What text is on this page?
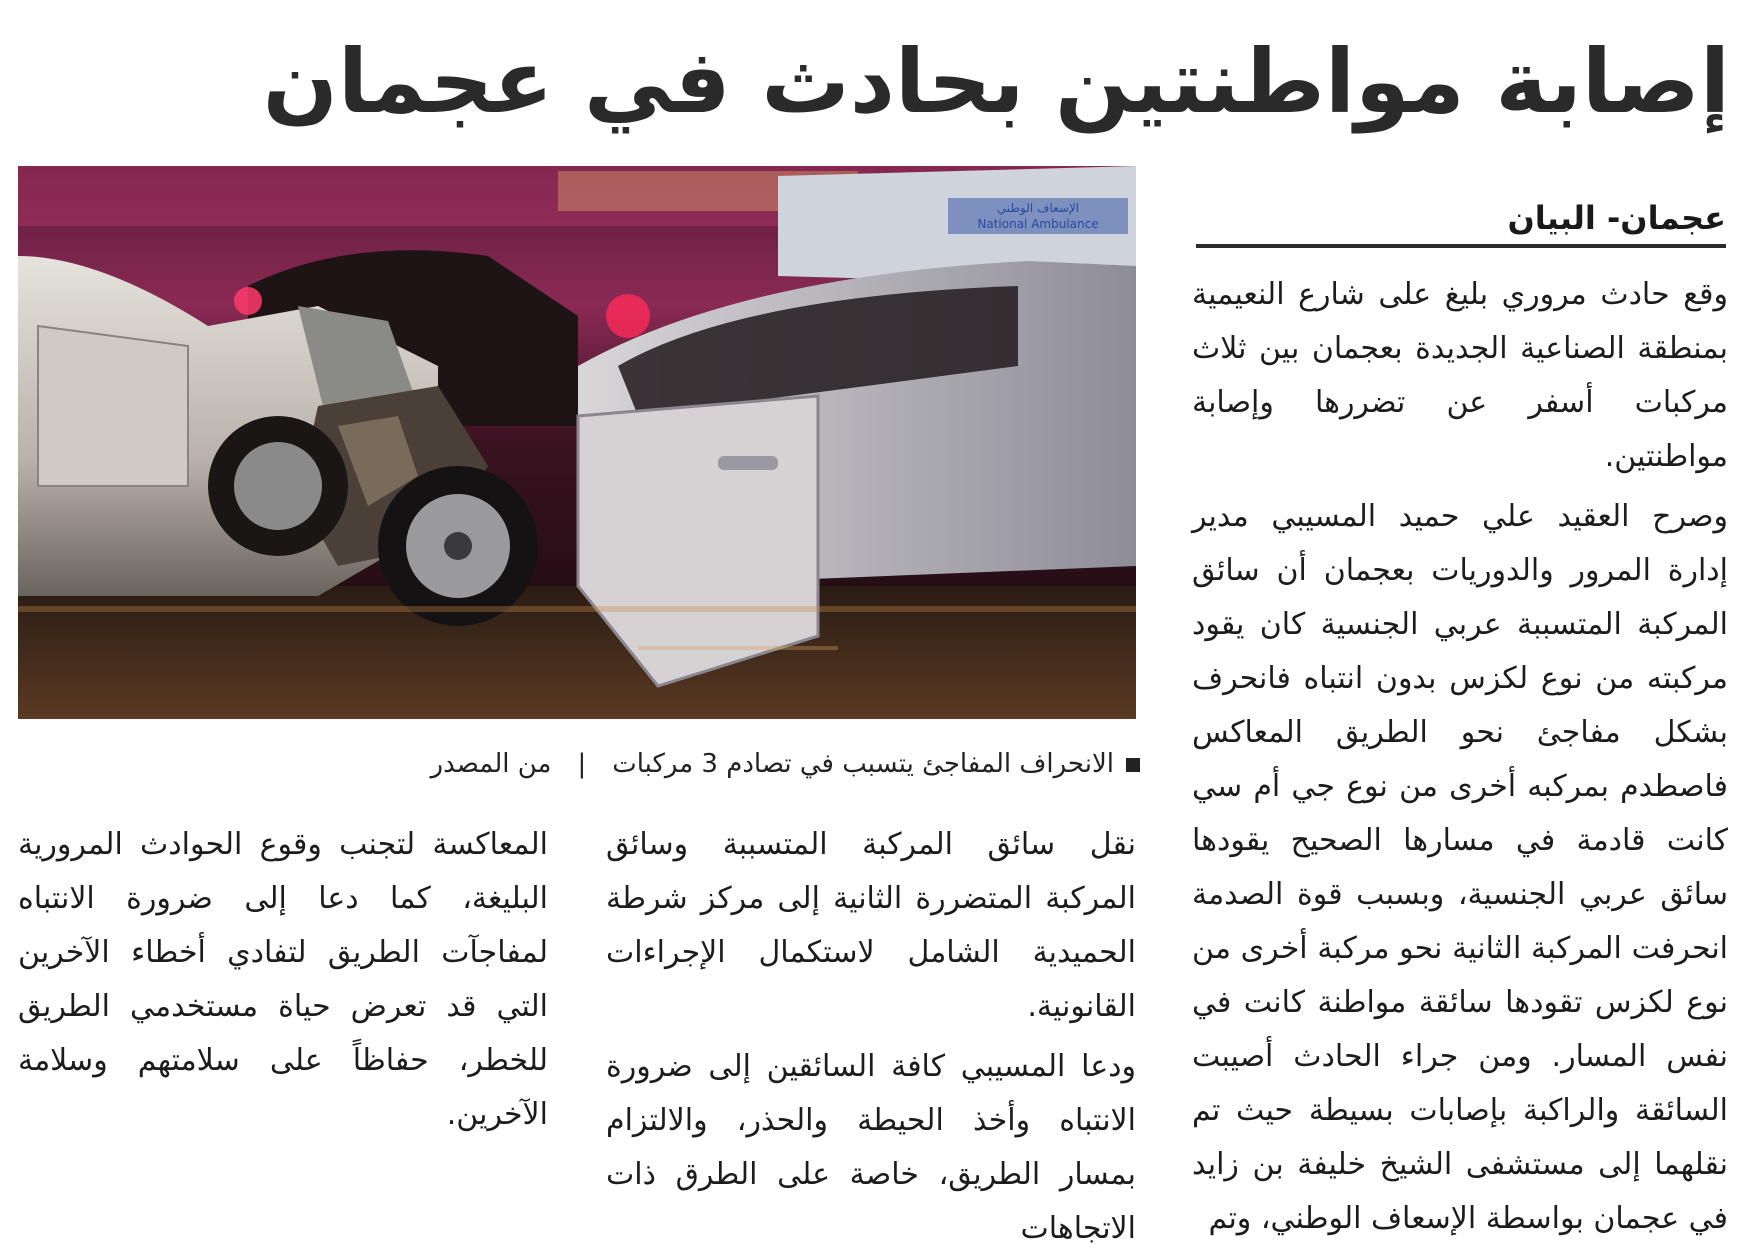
إصابة مواطنتين بحادث في عجمان
الإسعاف الوطني
National Ambulance
الانحراف المفاجئ يتسبب في تصادم 3 مركبات|من المصدر
عجمان- البيان

وقع حادث مروري بليغ على شارع النعيمية بمنطقة الصناعية الجديدة بعجمان بين ثلاث مركبات أسفر عن تضررها وإصابة مواطنتين.

وصرح العقيد علي حميد المسيبي مدير إدارة المرور والدوريات بعجمان أن سائق المركبة المتسببة عربي الجنسية كان يقود مركبته من نوع لكزس بدون انتباه فانحرف بشكل مفاجئ نحو الطريق المعاكس فاصطدم بمركبه أخرى من نوع جي أم سي كانت قادمة في مسارها الصحيح يقودها سائق عربي الجنسية، وبسبب قوة الصدمة انحرفت المركبة الثانية نحو مركبة أخرى من نوع لكزس تقودها سائقة مواطنة كانت في نفس المسار. ومن جراء الحادث أصيبت السائقة والراكبة بإصابات بسيطة حيث تم نقلهما إلى مستشفى الشيخ خليفة بن زايد في عجمان بواسطة الإسعاف الوطني، وتم

نقل سائق المركبة المتسببة وسائق المركبة المتضررة الثانية إلى مركز شرطة الحميدية الشامل لاستكمال الإجراءات القانونية.

ودعا المسيبي كافة السائقين إلى ضرورة الانتباه وأخذ الحيطة والحذر، والالتزام بمسار الطريق، خاصة على الطرق ذات الاتجاهات

المعاكسة لتجنب وقوع الحوادث المرورية البليغة، كما دعا إلى ضرورة الانتباه لمفاجآت الطريق لتفادي أخطاء الآخرين التي قد تعرض حياة مستخدمي الطريق للخطر، حفاظاً على سلامتهم وسلامة الآخرين.
